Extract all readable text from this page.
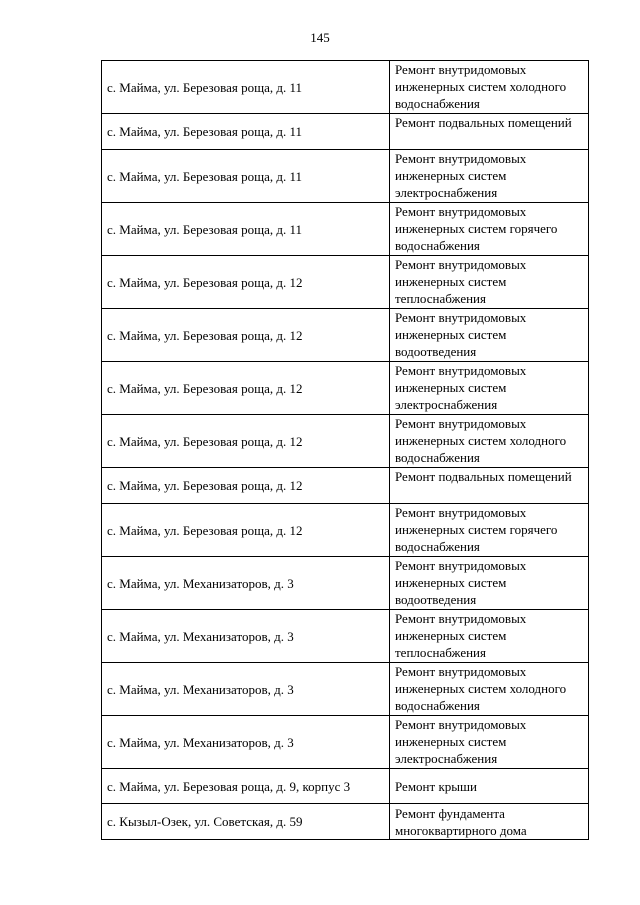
145
с. Майма, ул. Березовая роща, д. 11	Ремонт внутридомовых инженерных систем холодного водоснабжения
с. Майма, ул. Березовая роща, д. 11	Ремонт подвальных помещений
с. Майма, ул. Березовая роща, д. 11	Ремонт внутридомовых инженерных систем электроснабжения
с. Майма, ул. Березовая роща, д. 11	Ремонт внутридомовых инженерных систем горячего водоснабжения
с. Майма, ул. Березовая роща, д. 12	Ремонт внутридомовых инженерных систем теплоснабжения
с. Майма, ул. Березовая роща, д. 12	Ремонт внутридомовых инженерных систем водоотведения
с. Майма, ул. Березовая роща, д. 12	Ремонт внутридомовых инженерных систем электроснабжения
с. Майма, ул. Березовая роща, д. 12	Ремонт внутридомовых инженерных систем холодного водоснабжения
с. Майма, ул. Березовая роща, д. 12	Ремонт подвальных помещений
с. Майма, ул. Березовая роща, д. 12	Ремонт внутридомовых инженерных систем горячего водоснабжения
с. Майма, ул. Механизаторов, д. 3	Ремонт внутридомовых инженерных систем водоотведения
с. Майма, ул. Механизаторов, д. 3	Ремонт внутридомовых инженерных систем теплоснабжения
с. Майма, ул. Механизаторов, д. 3	Ремонт внутридомовых инженерных систем холодного водоснабжения
с. Майма, ул. Механизаторов, д. 3	Ремонт внутридомовых инженерных систем электроснабжения
с. Майма, ул. Березовая роща, д. 9, корпус 3	Ремонт крыши
с. Кызыл-Озек, ул. Советская, д. 59	Ремонт фундамента многоквартирного дома
